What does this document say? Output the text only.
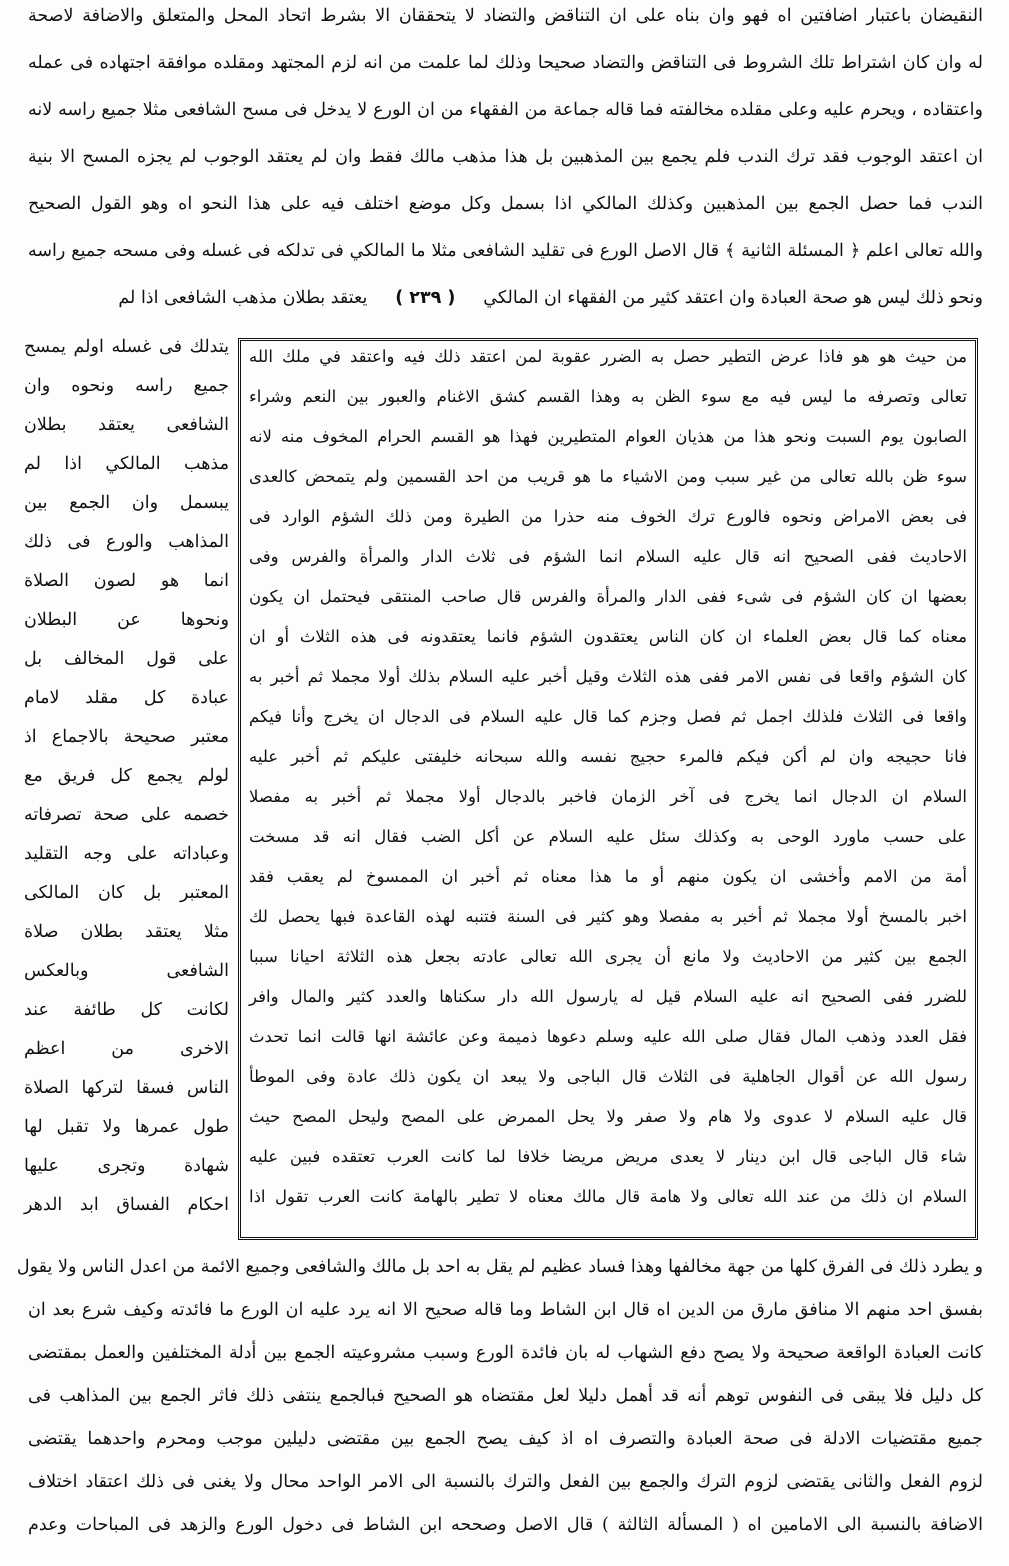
النقيضان باعتبار اضافتين اه فهو وان بناه على ان التناقض والتضاد لا يتحققان الا بشرط اتحاد المحل والمتعلق والاضافة لاصحة
له وان كان اشتراط تلك الشروط فى التناقض والتضاد صحيحا وذلك لما علمت من انه لزم المجتهد ومقلده موافقة اجتهاده فى عمله
واعتقاده ، ويحرم عليه وعلى مقلده مخالفته فما قاله جماعة من الفقهاء من ان الورع لا يدخل فى مسح الشافعى مثلا جميع راسه لانه
ان اعتقد الوجوب فقد ترك الندب فلم يجمع بين المذهبين بل هذا مذهب مالك فقط وان لم يعتقد الوجوب لم يجزه المسح الا بنية
الندب فما حصل الجمع بين المذهبين وكذلك المالكي اذا بسمل وكل موضع اختلف فيه على هذا النحو اه وهو القول الصحيح
والله تعالى اعلم ﴿ المسئلة الثانية ﴾ قال الاصل الورع فى تقليد الشافعى مثلا ما المالكي فى تدلكه فى غسله وفى مسحه جميع راسه
ونحو ذلك ليس هو صحة العبادة وان اعتقد كثير من الفقهاء ان المالكي     ( ٢٣٩ )     يعتقد بطلان مذهب الشافعى اذا لم
من حيث هو هو فاذا عرض التطير حصل به الضرر عقوبة لمن اعتقد ذلك فيه واعتقد في ملك الله
تعالى وتصرفه ما ليس فيه مع سوء الظن به وهذا القسم كشق الاغنام والعبور بين النعم وشراء
الصابون يوم السبت ونحو هذا من هذيان العوام المتطيرين فهذا هو القسم الحرام المخوف منه لانه
سوء ظن بالله تعالى من غير سبب ومن الاشياء ما هو قريب من احد القسمين ولم يتمحض كالعدى
فى بعض الامراض ونحوه فالورع ترك الخوف منه حذرا من الطيرة ومن ذلك الشؤم الوارد فى
الاحاديث ففى الصحيح انه قال عليه السلام انما الشؤم فى ثلاث الدار والمرأة والفرس وفى
بعضها ان كان الشؤم فى شىء ففى الدار والمرأة والفرس قال صاحب المنتقى فيحتمل ان يكون
معناه كما قال بعض العلماء ان كان الناس يعتقدون الشؤم فانما يعتقدونه فى هذه الثلاث أو ان
كان الشؤم واقعا فى نفس الامر ففى هذه الثلاث وقيل أخبر عليه السلام بذلك أولا مجملا ثم أخبر به
واقعا فى الثلاث فلذلك اجمل ثم فصل وجزم كما قال عليه السلام فى الدجال ان يخرج وأنا فيكم
فانا حجيجه وان لم أكن فيكم فالمرء حجيج نفسه والله سبحانه خليفتى عليكم ثم أخبر عليه
السلام ان الدجال انما يخرج فى آخر الزمان فاخبر بالدجال أولا مجملا ثم أخبر به مفصلا
على حسب ماورد الوحى به وكذلك سئل عليه السلام عن أكل الضب فقال انه قد مسخت
أمة من الامم وأخشى ان يكون منهم أو ما هذا معناه ثم أخبر ان الممسوخ لم يعقب فقد
اخبر بالمسخ أولا مجملا ثم أخبر به مفصلا وهو كثير فى السنة فتنبه لهذه القاعدة فبها يحصل لك
الجمع بين كثير من الاحاديث ولا مانع أن يجرى الله تعالى عادته بجعل هذه الثلاثة احيانا سببا
للضرر ففى الصحيح انه عليه السلام قيل له يارسول الله دار سكناها والعدد كثير والمال وافر
فقل العدد وذهب المال فقال صلى الله عليه وسلم دعوها ذميمة وعن عائشة انها قالت انما تحدث
رسول الله عن أقوال الجاهلية فى الثلاث قال الباجى ولا يبعد ان يكون ذلك عادة وفى الموطأ
قال عليه السلام لا عدوى ولا هام ولا صفر ولا يحل الممرض على المصح وليحل المصح حيث
شاء قال الباجى قال ابن دينار لا يعدى مريض مريضا خلافا لما كانت العرب تعتقده فبين عليه
السلام ان ذلك من عند الله تعالى ولا هامة قال مالك معناه لا تطير بالهامة كانت العرب تقول اذا
يتدلك فى غسله اولم يمسح
جميع راسه ونحوه وان
الشافعى يعتقد بطلان
مذهب المالكي اذا لم
يبسمل وان الجمع بين
المذاهب والورع فى ذلك
انما هو لصون الصلاة
ونحوها عن البطلان
على قول المخالف بل
عبادة كل مقلد لامام
معتبر صحيحة بالاجماع اذ
لولم يجمع كل فريق مع
خصمه على صحة تصرفاته
وعباداته على وجه التقليد
المعتبر بل كان المالكى
مثلا يعتقد بطلان صلاة
الشافعى وبالعكس
لكانت كل طائفة عند
الاخرى من اعظم
الناس فسقا لتركها الصلاة
طول عمرها ولا تقبل لها
شهادة وتجرى عليها
احكام الفساق ابد الدهر
و يطرد ذلك فى الفرق كلها من جهة مخالفها وهذا فساد عظيم لم يقل به احد بل مالك والشافعى وجميع الائمة من اعدل الناس ولا يقول
بفسق احد منهم الا منافق مارق من الدين اه قال ابن الشاط وما قاله صحيح الا انه يرد عليه ان الورع ما فائدته وكيف شرع بعد ان
كانت العبادة الواقعة صحيحة ولا يصح دفع الشهاب له بان فائدة الورع وسبب مشروعيته الجمع بين أدلة المختلفين والعمل بمقتضى
كل دليل فلا يبقى فى النفوس توهم أنه قد أهمل دليلا لعل مقتضاه هو الصحيح فبالجمع ينتفى ذلك فاثر الجمع بين المذاهب فى
جميع مقتضيات الادلة فى صحة العبادة والتصرف اه اذ كيف يصح الجمع بين مقتضى دليلين موجب ومحرم واحدهما يقتضى
لزوم الفعل والثانى يقتضى لزوم الترك والجمع بين الفعل والترك بالنسبة الى الامر الواحد محال ولا يغنى فى ذلك اعتقاد اختلاف
الاضافة بالنسبة الى الامامين اه ( المسألة الثالثة ) قال الاصل وصححه ابن الشاط فى دخول الورع والزهد فى المباحات وعدم
